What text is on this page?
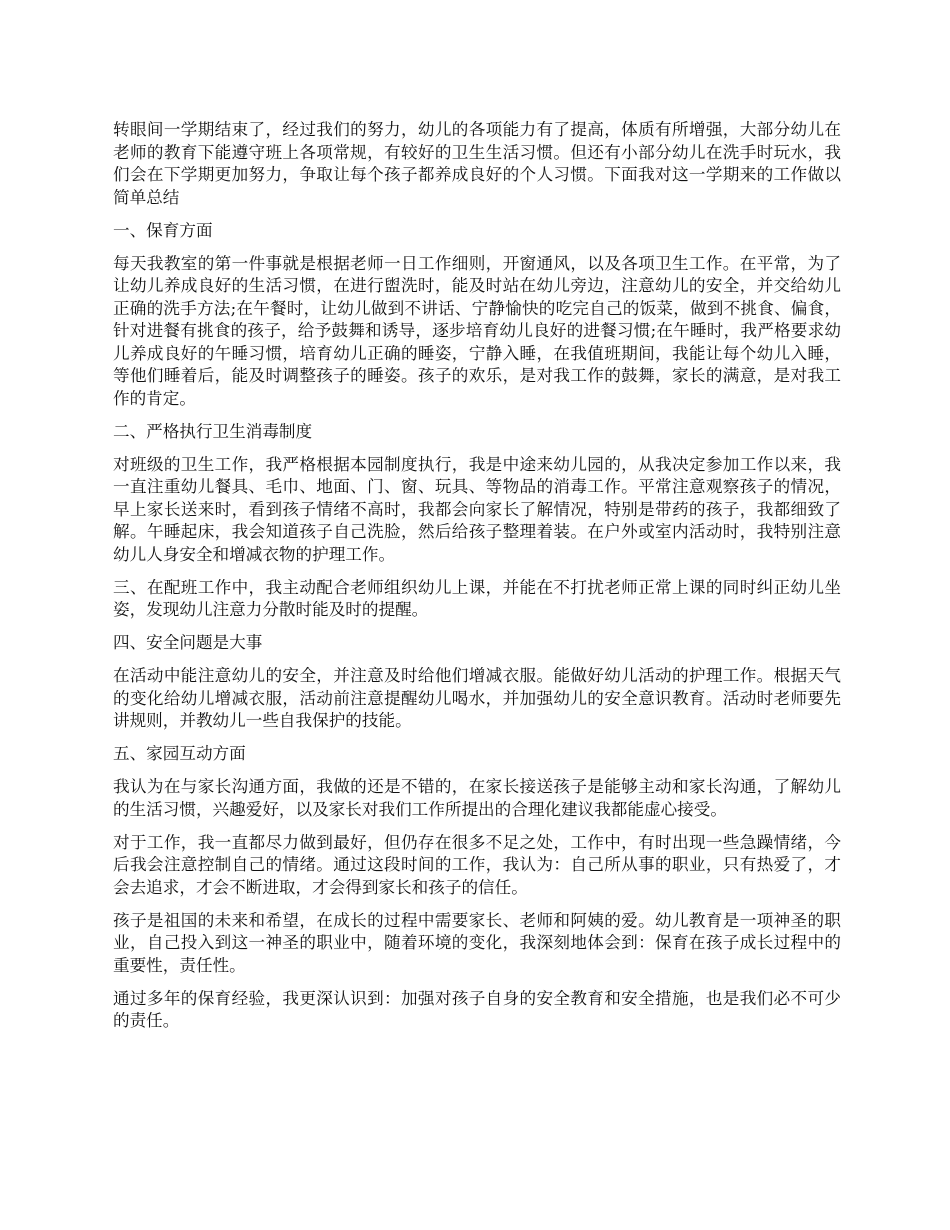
转眼间一学期结束了，经过我们的努力，幼儿的各项能力有了提高，体质有所增强，大部分幼儿在老师的教育下能遵守班上各项常规，有较好的卫生生活习惯。但还有小部分幼儿在洗手时玩水，我们会在下学期更加努力，争取让每个孩子都养成良好的个人习惯。下面我对这一学期来的工作做以简单总结

一、保育方面

每天我教室的第一件事就是根据老师一日工作细则，开窗通风，以及各项卫生工作。在平常，为了让幼儿养成良好的生活习惯，在进行盥洗时，能及时站在幼儿旁边，注意幼儿的安全，并交给幼儿正确的洗手方法;在午餐时，让幼儿做到不讲话、宁静愉快的吃完自己的饭菜，做到不挑食、偏食，针对进餐有挑食的孩子，给予鼓舞和诱导，逐步培育幼儿良好的进餐习惯;在午睡时，我严格要求幼儿养成良好的午睡习惯，培育幼儿正确的睡姿，宁静入睡，在我值班期间，我能让每个幼儿入睡，等他们睡着后，能及时调整孩子的睡姿。孩子的欢乐，是对我工作的鼓舞，家长的满意，是对我工作的肯定。

二、严格执行卫生消毒制度

对班级的卫生工作，我严格根据本园制度执行，我是中途来幼儿园的，从我决定参加工作以来，我一直注重幼儿餐具、毛巾、地面、门、窗、玩具、等物品的消毒工作。平常注意观察孩子的情况，早上家长送来时，看到孩子情绪不高时，我都会向家长了解情况，特别是带药的孩子，我都细致了解。午睡起床，我会知道孩子自己洗脸，然后给孩子整理着装。在户外或室内活动时，我特别注意幼儿人身安全和增减衣物的护理工作。

三、在配班工作中，我主动配合老师组织幼儿上课，并能在不打扰老师正常上课的同时纠正幼儿坐姿，发现幼儿注意力分散时能及时的提醒。

四、安全问题是大事

在活动中能注意幼儿的安全，并注意及时给他们增减衣服。能做好幼儿活动的护理工作。根据天气的变化给幼儿增减衣服，活动前注意提醒幼儿喝水，并加强幼儿的安全意识教育。活动时老师要先讲规则，并教幼儿一些自我保护的技能。

五、家园互动方面

我认为在与家长沟通方面，我做的还是不错的，在家长接送孩子是能够主动和家长沟通，了解幼儿的生活习惯，兴趣爱好，以及家长对我们工作所提出的合理化建议我都能虚心接受。

对于工作，我一直都尽力做到最好，但仍存在很多不足之处，工作中，有时出现一些急躁情绪，今后我会注意控制自己的情绪。通过这段时间的工作，我认为：自己所从事的职业，只有热爱了，才会去追求，才会不断进取，才会得到家长和孩子的信任。

孩子是祖国的未来和希望，在成长的过程中需要家长、老师和阿姨的爱。幼儿教育是一项神圣的职业，自己投入到这一神圣的职业中，随着环境的变化，我深刻地体会到：保育在孩子成长过程中的重要性，责任性。

通过多年的保育经验，我更深认识到：加强对孩子自身的安全教育和安全措施，也是我们必不可少的责任。
